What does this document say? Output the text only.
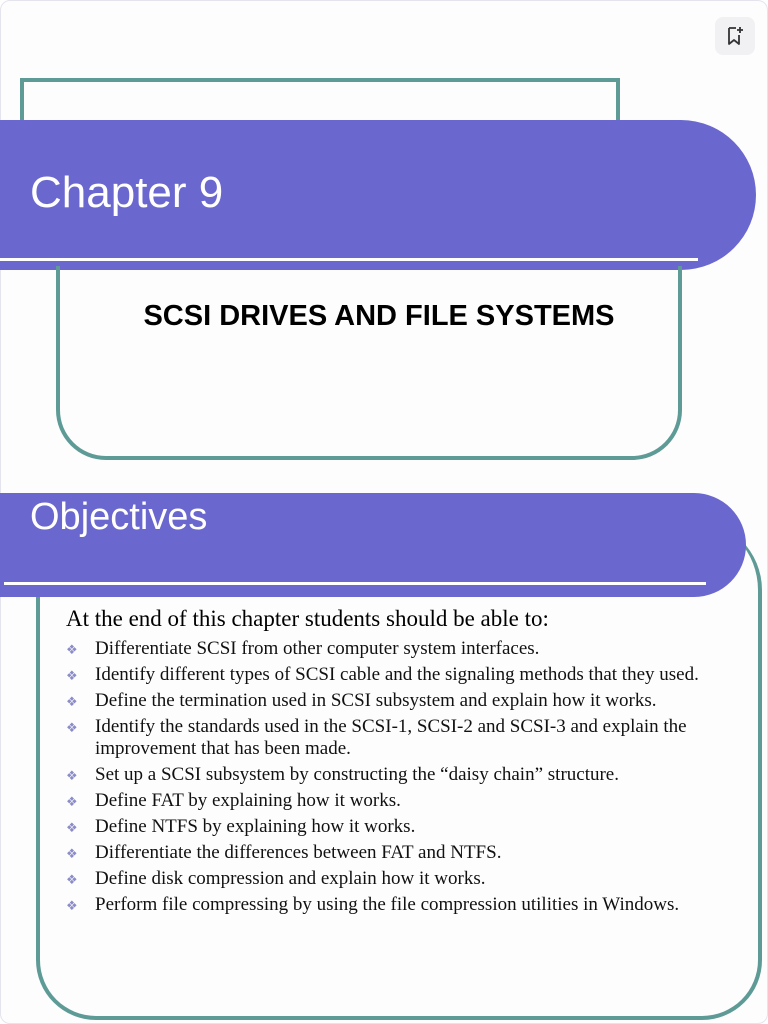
Chapter 9
SCSI DRIVES AND FILE SYSTEMS
Objectives
At the end of this chapter students should be able to:
❖ Differentiate SCSI from other computer system interfaces.
❖ Identify different types of SCSI cable and the signaling methods that they used.
❖ Define the termination used in SCSI subsystem and explain how it works.
❖ Identify the standards used in the SCSI-1, SCSI-2 and SCSI-3 and explain the improvement that has been made.
❖ Set up a SCSI subsystem by constructing the “daisy chain” structure.
❖ Define FAT by explaining how it works.
❖ Define NTFS by explaining how it works.
❖ Differentiate the differences between FAT and NTFS.
❖ Define disk compression and explain how it works.
❖ Perform file compressing by using the file compression utilities in Windows.
